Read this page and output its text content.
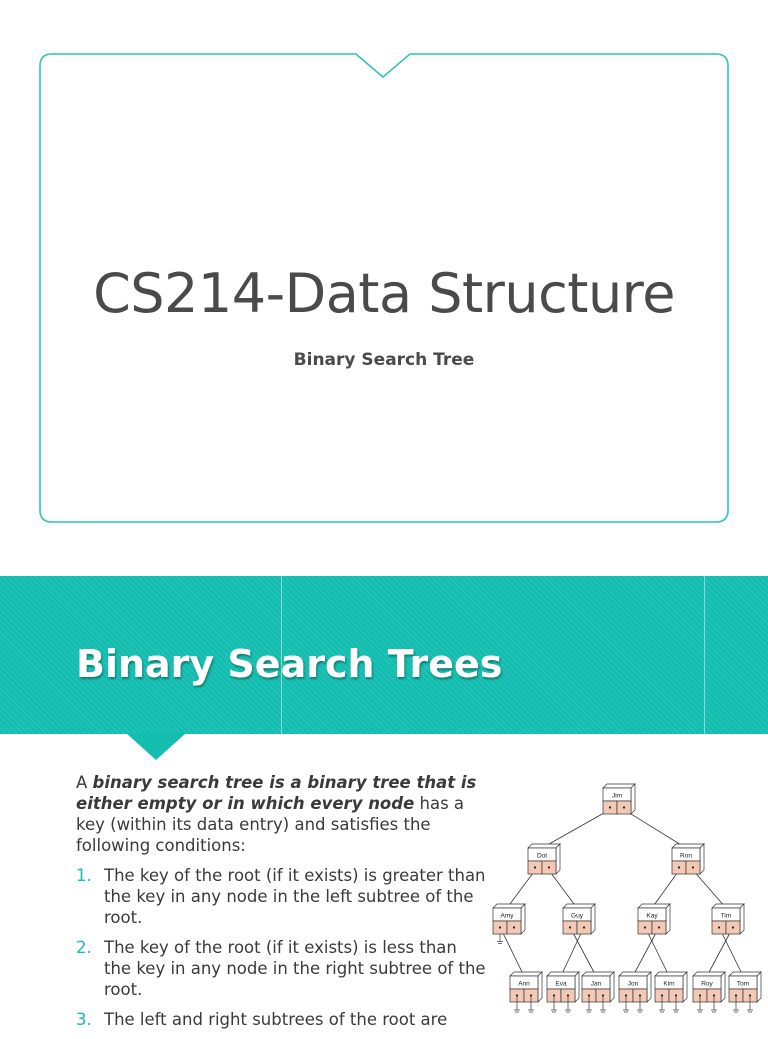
CS214-Data Structure
Binary Search Tree
Binary Search Trees

A binary search tree is a binary tree that is either empty or in which every node has a key (within its data entry) and satisfies the following conditions:

1. The key of the root (if it exists) is greater than the key in any node in the left subtree of the root.
2. The key of the root (if it exists) is less than the key in any node in the right subtree of the root.
3. The left and right subtrees of the root are
Jim
Dot	Ron
Amy	Guy	Kay	Tim
Ann	Eva	Jan	Jon	Kim	Roy	Tom
